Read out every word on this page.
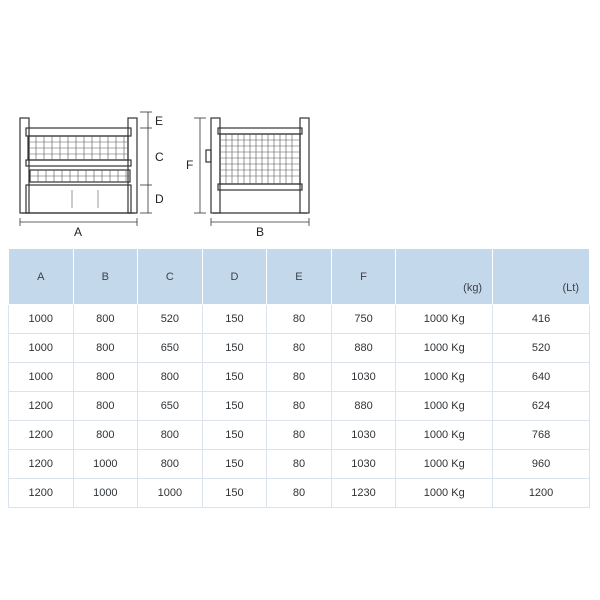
E
C
D
A
F
B
A	B	C	D	E	F	(kg)	(Lt)
1000	800	520	150	80	750	1000 Kg	416
1000	800	650	150	80	880	1000 Kg	520
1000	800	800	150	80	1030	1000 Kg	640
1200	800	650	150	80	880	1000 Kg	624
1200	800	800	150	80	1030	1000 Kg	768
1200	1000	800	150	80	1030	1000 Kg	960
1200	1000	1000	150	80	1230	1000 Kg	1200
